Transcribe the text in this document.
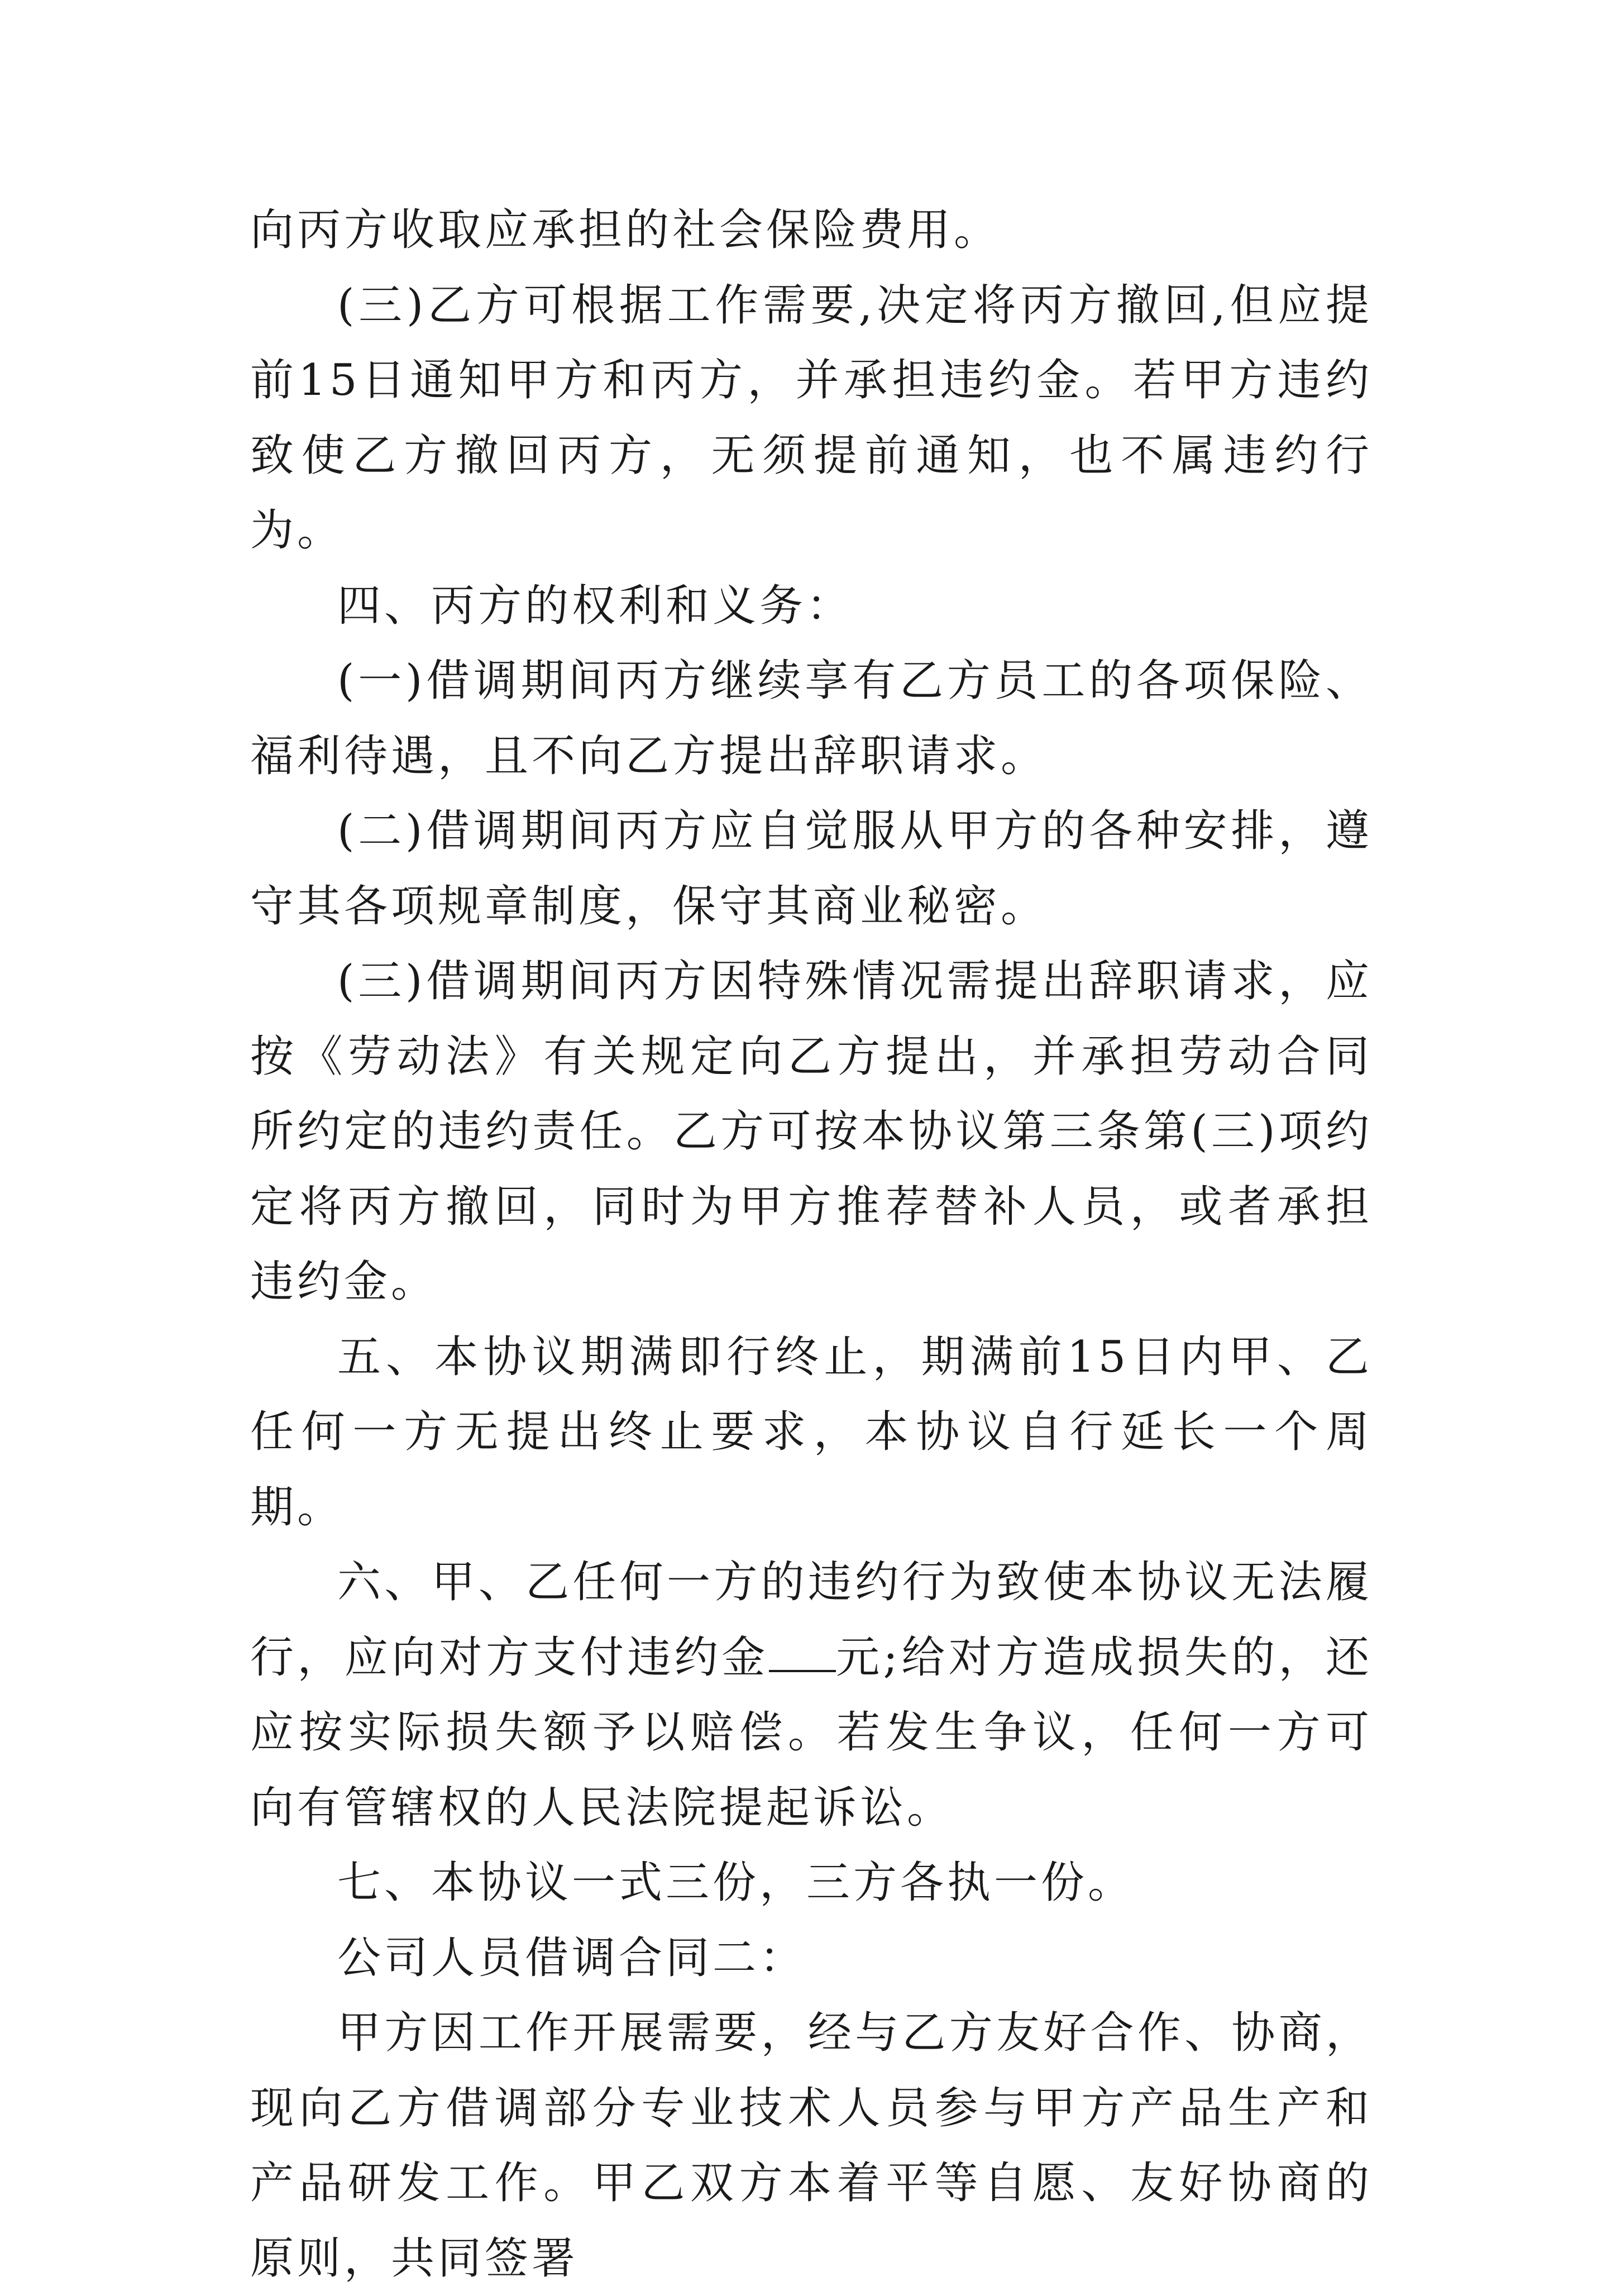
向丙方收取应承担的社会保险费用。

(三)乙方可根据工作需要,决定将丙方撤回,但应提前15日通知甲方和丙方，并承担违约金。若甲方违约致使乙方撤回丙方，无须提前通知，也不属违约行为。

四、丙方的权利和义务：

(一)借调期间丙方继续享有乙方员工的各项保险、福利待遇，且不向乙方提出辞职请求。

(二)借调期间丙方应自觉服从甲方的各种安排，遵守其各项规章制度，保守其商业秘密。

(三)借调期间丙方因特殊情况需提出辞职请求，应按《劳动法》有关规定向乙方提出，并承担劳动合同所约定的违约责任。乙方可按本协议第三条第(三)项约定将丙方撤回，同时为甲方推荐替补人员，或者承担违约金。

五、本协议期满即行终止，期满前15日内甲、乙任何一方无提出终止要求，本协议自行延长一个周期。

六、甲、乙任何一方的违约行为致使本协议无法履行，应向对方支付违约金 元;给对方造成损失的，还应按实际损失额予以赔偿。若发生争议，任何一方可向有管辖权的人民法院提起诉讼。

七、本协议一式三份，三方各执一份。

公司人员借调合同二：

甲方因工作开展需要，经与乙方友好合作、协商，现向乙方借调部分专业技术人员参与甲方产品生产和产品研发工作。甲乙双方本着平等自愿、友好协商的原则，共同签署
